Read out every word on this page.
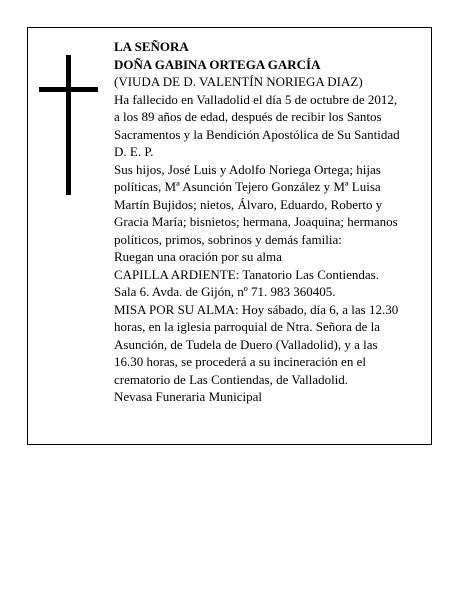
LA SEÑORA
DOÑA GABINA ORTEGA GARCÍA
(VIUDA DE D. VALENTÍN NORIEGA DIAZ)
Ha fallecido en Valladolid el día 5 de octubre de 2012,
a los 89 años de edad, después de recibir los Santos
Sacramentos y la Bendición Apostólica de Su Santidad
D. E. P.
Sus hijos, José Luis y Adolfo Noriega Ortega; hijas
políticas, Mª Asunción Tejero González y Mª Luisa
Martín Bujidos; nietos, Álvaro, Eduardo, Roberto y
Gracia María; bisnietos; hermana, Joaquina; hermanos
políticos, primos, sobrinos y demás familia:
Ruegan una oración por su alma
CAPILLA ARDIENTE: Tanatorio Las Contiendas.
Sala 6. Avda. de Gijón, nº 71. 983 360405.
MISA POR SU ALMA: Hoy sábado, día 6, a las 12.30
horas, en la iglesia parroquial de Ntra. Señora de la
Asunción, de Tudela de Duero (Valladolid), y a las
16.30 horas, se procederá a su incineración en el
crematorio de Las Contiendas, de Valladolid.
Nevasa Funeraria Municipal
